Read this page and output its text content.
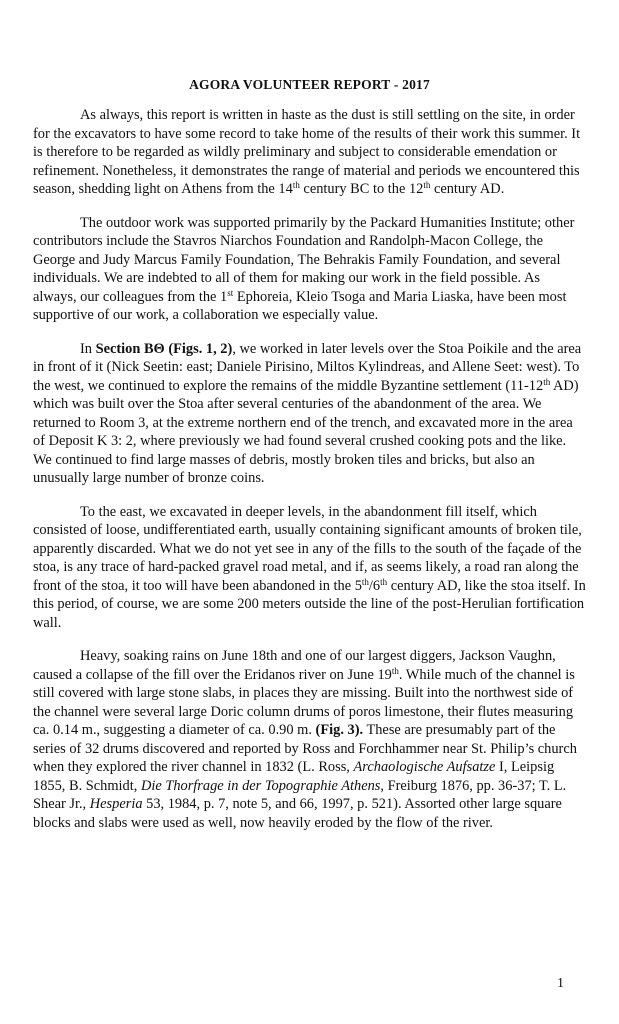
AGORA VOLUNTEER REPORT - 2017

As always, this report is written in haste as the dust is still settling on the site, in order for the excavators to have some record to take home of the results of their work this summer. It is therefore to be regarded as wildly preliminary and subject to considerable emendation or refinement. Nonetheless, it demonstrates the range of material and periods we encountered this season, shedding light on Athens from the 14th century BC to the 12th century AD.

The outdoor work was supported primarily by the Packard Humanities Institute; other contributors include the Stavros Niarchos Foundation and Randolph-Macon College, the George and Judy Marcus Family Foundation, The Behrakis Family Foundation, and several individuals. We are indebted to all of them for making our work in the field possible. As always, our colleagues from the 1st Ephoreia, Kleio Tsoga and Maria Liaska, have been most supportive of our work, a collaboration we especially value.

In Section ΒΘ (Figs. 1, 2), we worked in later levels over the Stoa Poikile and the area in front of it (Nick Seetin: east; Daniele Pirisino, Miltos Kylindreas, and Allene Seet: west). To the west, we continued to explore the remains of the middle Byzantine settlement (11-12th AD) which was built over the Stoa after several centuries of the abandonment of the area. We returned to Room 3, at the extreme northern end of the trench, and excavated more in the area of Deposit K 3: 2, where previously we had found several crushed cooking pots and the like. We continued to find large masses of debris, mostly broken tiles and bricks, but also an unusually large number of bronze coins.

To the east, we excavated in deeper levels, in the abandonment fill itself, which consisted of loose, undifferentiated earth, usually containing significant amounts of broken tile, apparently discarded. What we do not yet see in any of the fills to the south of the façade of the stoa, is any trace of hard-packed gravel road metal, and if, as seems likely, a road ran along the front of the stoa, it too will have been abandoned in the 5th/6th century AD, like the stoa itself. In this period, of course, we are some 200 meters outside the line of the post-Herulian fortification wall.

Heavy, soaking rains on June 18th and one of our largest diggers, Jackson Vaughn, caused a collapse of the fill over the Eridanos river on June 19th. While much of the channel is still covered with large stone slabs, in places they are missing. Built into the northwest side of the channel were several large Doric column drums of poros limestone, their flutes measuring ca. 0.14 m., suggesting a diameter of ca. 0.90 m. (Fig. 3). These are presumably part of the series of 32 drums discovered and reported by Ross and Forchhammer near St. Philip’s church when they explored the river channel in 1832 (L. Ross, Archaologische Aufsatze I, Leipsig 1855, B. Schmidt, Die Thorfrage in der Topographie Athens, Freiburg 1876, pp. 36-37; T. L. Shear Jr., Hesperia 53, 1984, p. 7, note 5, and 66, 1997, p. 521). Assorted other large square blocks and slabs were used as well, now heavily eroded by the flow of the river.

1
